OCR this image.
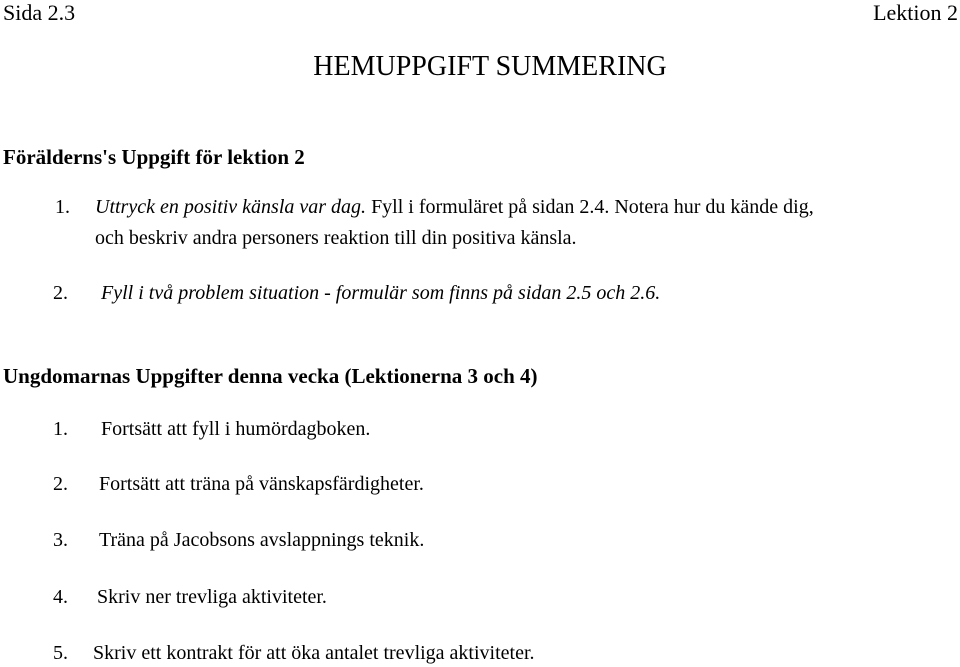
Sida 2.3	Lektion 2
HEMUPPGIFT SUMMERING
Förälderns's Uppgift för lektion 2
1. Uttryck en positiv känsla var dag. Fyll i formuläret på sidan 2.4. Notera hur du kände dig,
och beskriv andra personers reaktion till din positiva känsla.
2. Fyll i två problem situation - formulär som finns på sidan 2.5 och 2.6.
Ungdomarnas Uppgifter denna vecka (Lektionerna 3 och 4)
1. Fortsätt att fyll i humördagboken.
2. Fortsätt att träna på vänskapsfärdigheter.
3. Träna på Jacobsons avslappnings teknik.
4. Skriv ner trevliga aktiviteter.
5. Skriv ett kontrakt för att öka antalet trevliga aktiviteter.
